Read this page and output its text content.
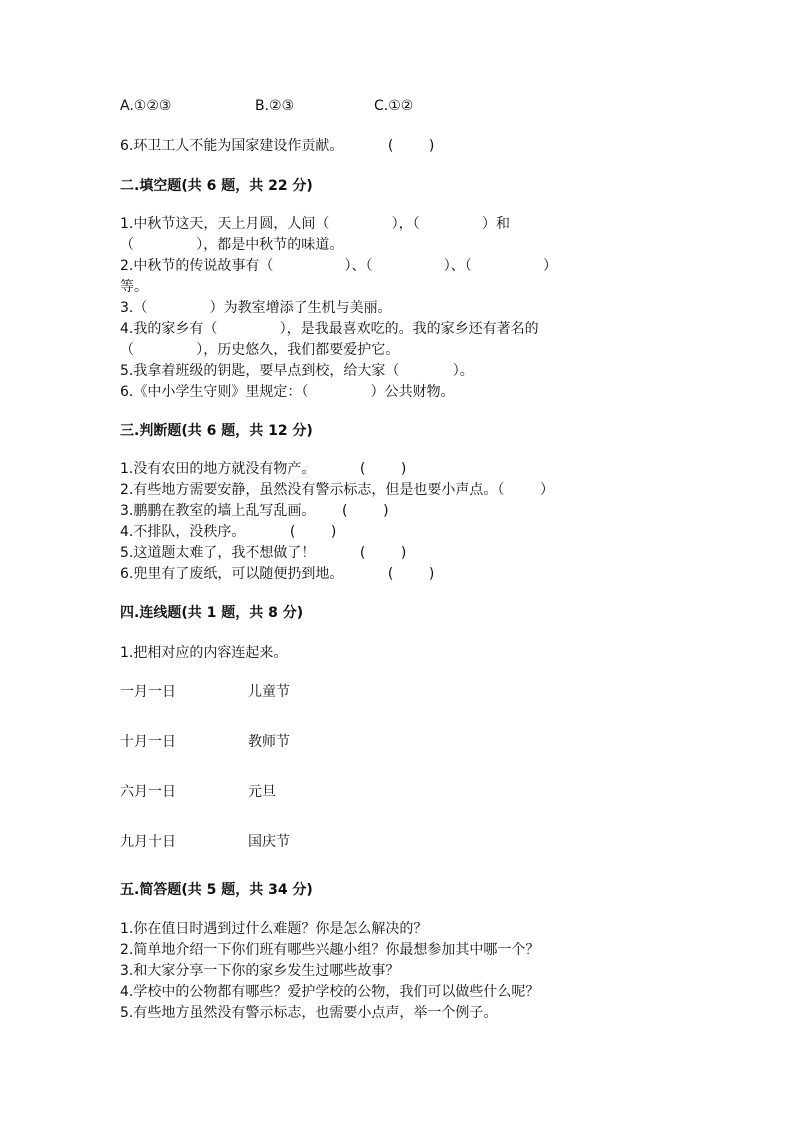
A.①②③	B.②③	C.①②
6.环卫工人不能为国家建设作贡献。          (        )
二.填空题(共 6 题，共 22 分)
1.中秋节这天，天上月圆，人间（              ），（              ）和
（              ），都是中秋节的味道。
2.中秋节的传说故事有（                ）、（                ）、（                ）
等。
3.（              ）为教室增添了生机与美丽。
4.我的家乡有（              ），是我最喜欢吃的。我的家乡还有著名的
（              ），历史悠久，我们都要爱护它。
5.我拿着班级的钥匙，要早点到校，给大家（            ）。
6.《中小学生守则》里规定：（              ）公共财物。
三.判断题(共 6 题，共 12 分)
1.没有农田的地方就没有物产。          (        )
2.有些地方需要安静，虽然没有警示标志，但是也要小声点。（        ）
3.鹏鹏在教室的墙上乱写乱画。      (        )
4.不排队，没秩序。          (        )
5.这道题太难了，我不想做了！          (        )
6.兜里有了废纸，可以随便扔到地。          (        )
四.连线题(共 1 题，共 8 分)
1.把相对应的内容连起来。
一月一日	儿童节
十月一日	教师节
六月一日	元旦
九月十日	国庆节
五.简答题(共 5 题，共 34 分)
1.你在值日时遇到过什么难题？你是怎么解决的？
2.简单地介绍一下你们班有哪些兴趣小组？你最想参加其中哪一个？
3.和大家分享一下你的家乡发生过哪些故事？
4.学校中的公物都有哪些？爱护学校的公物，我们可以做些什么呢？
5.有些地方虽然没有警示标志，也需要小点声，举一个例子。
